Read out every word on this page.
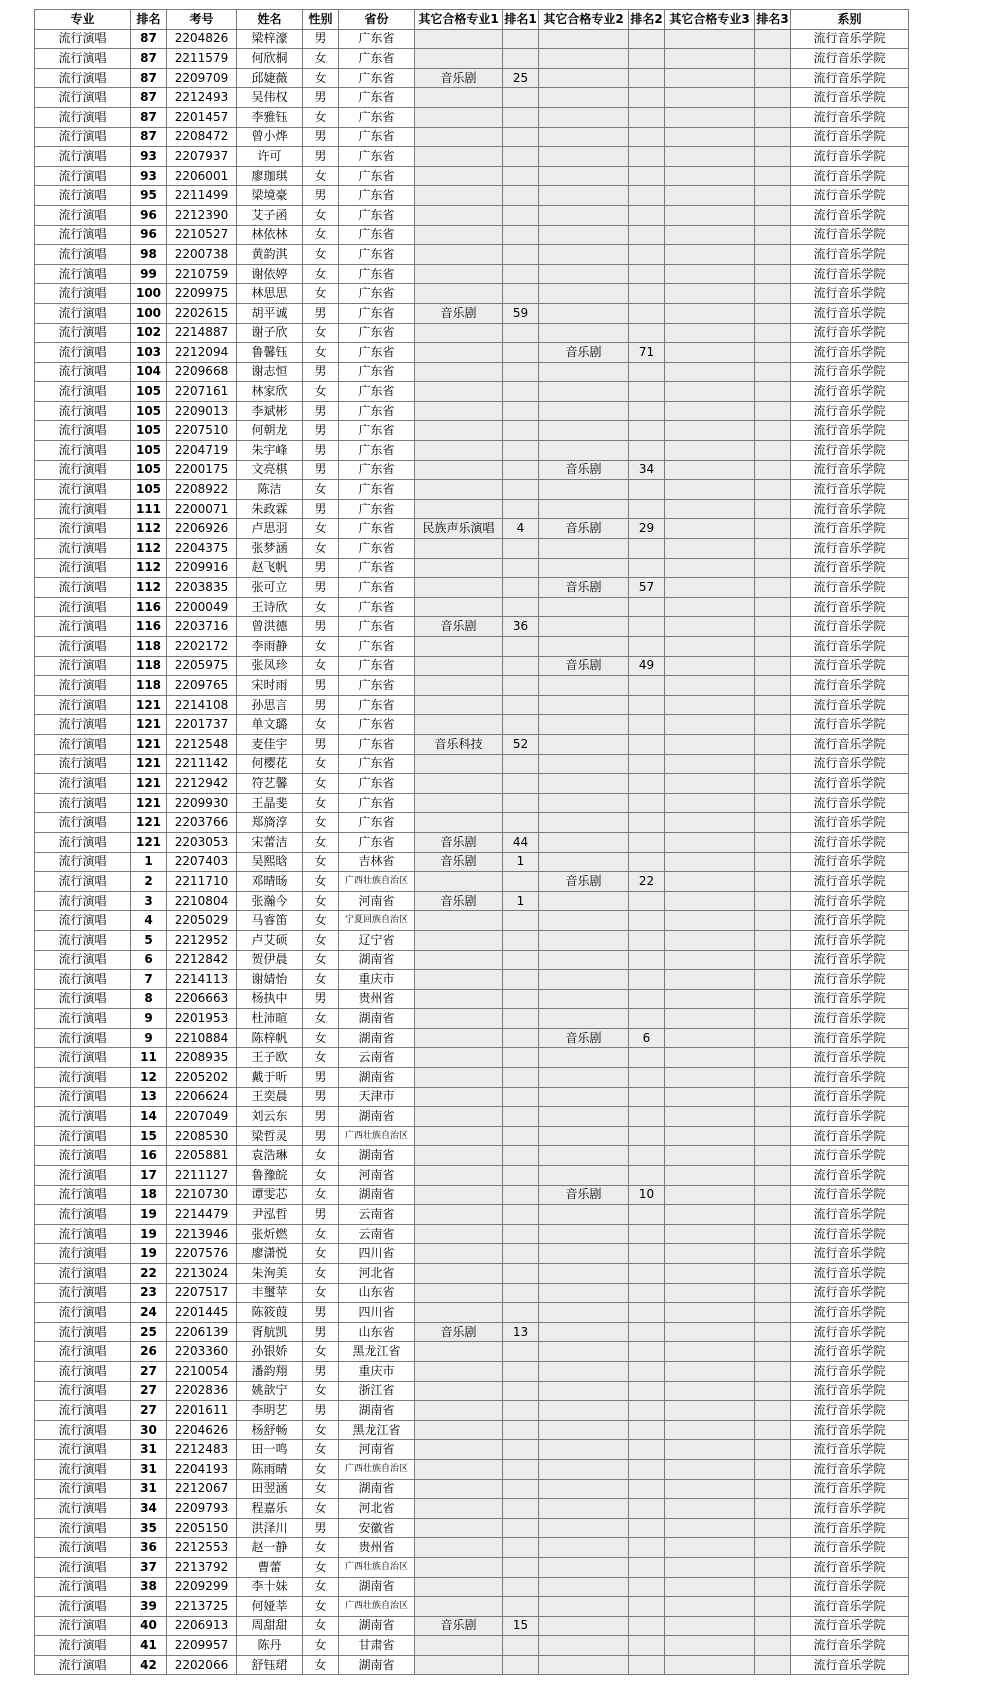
专业	排名	考号	姓名	性别	省份	其它合格专业1	排名1	其它合格专业2	排名2	其它合格专业3	排名3	系别
流行演唱	87	2204826	梁梓濠	男	广东省							流行音乐学院
流行演唱	87	2211579	何欣桐	女	广东省							流行音乐学院
流行演唱	87	2209709	邱婕薇	女	广东省	音乐剧	25					流行音乐学院
流行演唱	87	2212493	吴伟权	男	广东省							流行音乐学院
流行演唱	87	2201457	李雅钰	女	广东省							流行音乐学院
流行演唱	87	2208472	曾小烨	男	广东省							流行音乐学院
流行演唱	93	2207937	许可	男	广东省							流行音乐学院
流行演唱	93	2206001	廖珈琪	女	广东省							流行音乐学院
流行演唱	95	2211499	梁境豪	男	广东省							流行音乐学院
流行演唱	96	2212390	艾子函	女	广东省							流行音乐学院
流行演唱	96	2210527	林依林	女	广东省							流行音乐学院
流行演唱	98	2200738	黄韵淇	女	广东省							流行音乐学院
流行演唱	99	2210759	谢依婷	女	广东省							流行音乐学院
流行演唱	100	2209975	林思思	女	广东省							流行音乐学院
流行演唱	100	2202615	胡平诚	男	广东省	音乐剧	59					流行音乐学院
流行演唱	102	2214887	谢子欣	女	广东省							流行音乐学院
流行演唱	103	2212094	鲁馨钰	女	广东省			音乐剧	71			流行音乐学院
流行演唱	104	2209668	谢志恒	男	广东省							流行音乐学院
流行演唱	105	2207161	林家欣	女	广东省							流行音乐学院
流行演唱	105	2209013	李斌彬	男	广东省							流行音乐学院
流行演唱	105	2207510	何朝龙	男	广东省							流行音乐学院
流行演唱	105	2204719	朱宇峰	男	广东省							流行音乐学院
流行演唱	105	2200175	文亮棋	男	广东省			音乐剧	34			流行音乐学院
流行演唱	105	2208922	陈洁	女	广东省							流行音乐学院
流行演唱	111	2200071	朱政霖	男	广东省							流行音乐学院
流行演唱	112	2206926	卢思羽	女	广东省	民族声乐演唱	4	音乐剧	29			流行音乐学院
流行演唱	112	2204375	张梦涵	女	广东省							流行音乐学院
流行演唱	112	2209916	赵飞帆	男	广东省							流行音乐学院
流行演唱	112	2203835	张可立	男	广东省			音乐剧	57			流行音乐学院
流行演唱	116	2200049	王诗欣	女	广东省							流行音乐学院
流行演唱	116	2203716	曾洪德	男	广东省	音乐剧	36					流行音乐学院
流行演唱	118	2202172	李雨静	女	广东省							流行音乐学院
流行演唱	118	2205975	张凤珍	女	广东省			音乐剧	49			流行音乐学院
流行演唱	118	2209765	宋时雨	男	广东省							流行音乐学院
流行演唱	121	2214108	孙思言	男	广东省							流行音乐学院
流行演唱	121	2201737	单文璐	女	广东省							流行音乐学院
流行演唱	121	2212548	麦佳宇	男	广东省	音乐科技	52					流行音乐学院
流行演唱	121	2211142	何樱花	女	广东省							流行音乐学院
流行演唱	121	2212942	符艺馨	女	广东省							流行音乐学院
流行演唱	121	2209930	王晶斐	女	广东省							流行音乐学院
流行演唱	121	2203766	郑旖淳	女	广东省							流行音乐学院
流行演唱	121	2203053	宋蕾洁	女	广东省	音乐剧	44					流行音乐学院
流行演唱	1	2207403	吴熙晗	女	吉林省	音乐剧	1					流行音乐学院
流行演唱	2	2211710	邓晴旸	女	广西壮族自治区			音乐剧	22			流行音乐学院
流行演唱	3	2210804	张瀚今	女	河南省	音乐剧	1					流行音乐学院
流行演唱	4	2205029	马睿笛	女	宁夏回族自治区							流行音乐学院
流行演唱	5	2212952	卢艾硕	女	辽宁省							流行音乐学院
流行演唱	6	2212842	贺伊晨	女	湖南省							流行音乐学院
流行演唱	7	2214113	谢婧怡	女	重庆市							流行音乐学院
流行演唱	8	2206663	杨执中	男	贵州省							流行音乐学院
流行演唱	9	2201953	杜沛暄	女	湖南省							流行音乐学院
流行演唱	9	2210884	陈梓帆	女	湖南省			音乐剧	6			流行音乐学院
流行演唱	11	2208935	王子欧	女	云南省							流行音乐学院
流行演唱	12	2205202	戴于昕	男	湖南省							流行音乐学院
流行演唱	13	2206624	王奕晨	男	天津市							流行音乐学院
流行演唱	14	2207049	刘云东	男	湖南省							流行音乐学院
流行演唱	15	2208530	梁哲灵	男	广西壮族自治区							流行音乐学院
流行演唱	16	2205881	袁浩琳	女	湖南省							流行音乐学院
流行演唱	17	2211127	鲁豫皖	女	河南省							流行音乐学院
流行演唱	18	2210730	谭雯芯	女	湖南省			音乐剧	10			流行音乐学院
流行演唱	19	2214479	尹泓哲	男	云南省							流行音乐学院
流行演唱	19	2213946	张炘燃	女	云南省							流行音乐学院
流行演唱	19	2207576	廖潇悦	女	四川省							流行音乐学院
流行演唱	22	2213024	朱洵美	女	河北省							流行音乐学院
流行演唱	23	2207517	丰璽苹	女	山东省							流行音乐学院
流行演唱	24	2201445	陈筱葭	男	四川省							流行音乐学院
流行演唱	25	2206139	胥航凯	男	山东省	音乐剧	13					流行音乐学院
流行演唱	26	2203360	孙银娇	女	黑龙江省							流行音乐学院
流行演唱	27	2210054	潘韵翔	男	重庆市							流行音乐学院
流行演唱	27	2202836	姚歆宁	女	浙江省							流行音乐学院
流行演唱	27	2201611	李明艺	男	湖南省							流行音乐学院
流行演唱	30	2204626	杨舒畅	女	黑龙江省							流行音乐学院
流行演唱	31	2212483	田一鸣	女	河南省							流行音乐学院
流行演唱	31	2204193	陈雨晴	女	广西壮族自治区							流行音乐学院
流行演唱	31	2212067	田翌涵	女	湖南省							流行音乐学院
流行演唱	34	2209793	程嘉乐	女	河北省							流行音乐学院
流行演唱	35	2205150	洪泽川	男	安徽省							流行音乐学院
流行演唱	36	2212553	赵一静	女	贵州省							流行音乐学院
流行演唱	37	2213792	曹蕾	女	广西壮族自治区							流行音乐学院
流行演唱	38	2209299	李十妹	女	湖南省							流行音乐学院
流行演唱	39	2213725	何娅莘	女	广西壮族自治区							流行音乐学院
流行演唱	40	2206913	周甜甜	女	湖南省	音乐剧	15					流行音乐学院
流行演唱	41	2209957	陈丹	女	甘肃省							流行音乐学院
流行演唱	42	2202066	舒钰珺	女	湖南省							流行音乐学院
